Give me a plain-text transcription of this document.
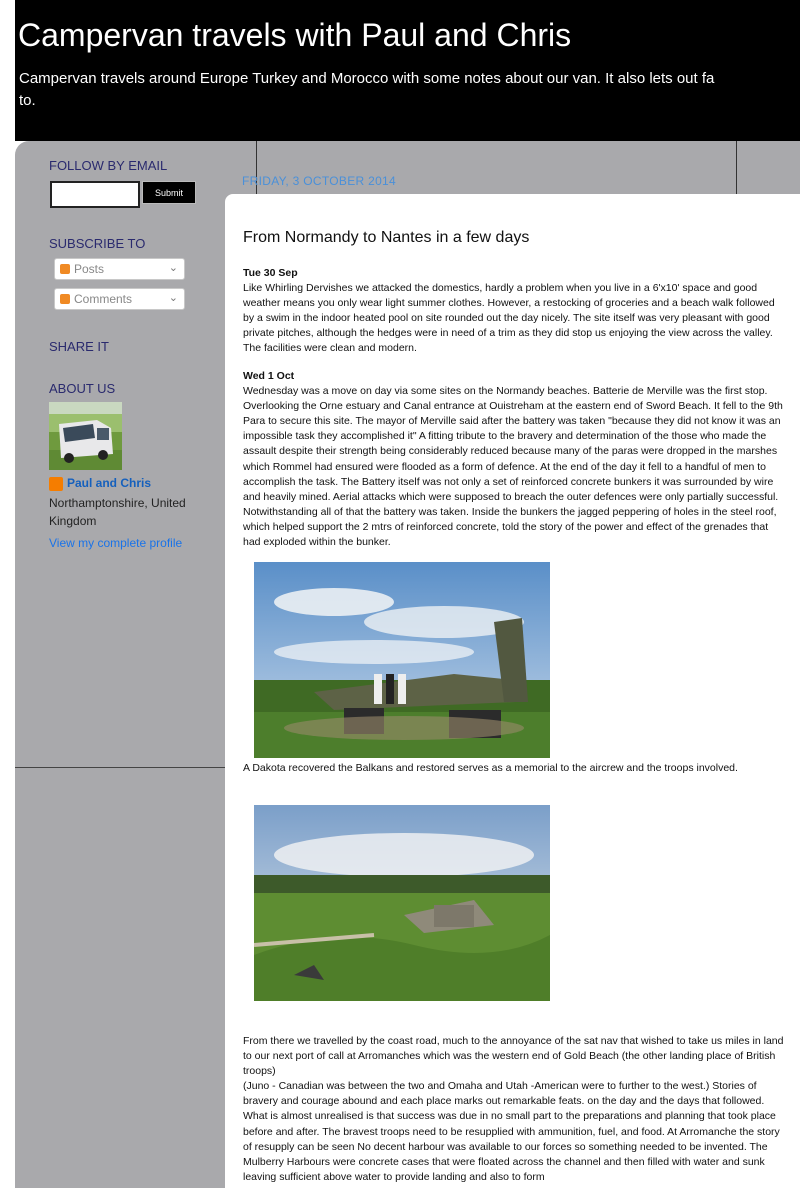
Campervan travels with Paul and Chris
Campervan travels around Europe Turkey and Morocco with some notes about our van. It also lets out fa
to.
FOLLOW BY EMAIL
Submit
SUBSCRIBE TO
Posts	⌄
Comments	⌄
SHARE IT
ABOUT US
Paul and Chris
Northamptonshire, United Kingdom
View my complete profile
FRIDAY, 3 OCTOBER 2014
From Normandy to Nantes in a few days

Tue 30 Sep

Like Whirling Dervishes we attacked the domestics, hardly a problem when you live in a 6'x10' space and good weather means you only wear light summer clothes. However, a restocking of groceries and a beach walk followed by a swim in the indoor heated pool on site rounded out the day nicely. The site itself was very pleasant with good private pitches, although the hedges were in need of a trim as they did stop us enjoying the view across the valley. The facilities were clean and modern.

Wed 1 Oct

Wednesday was a move on day via some sites on the Normandy beaches. Batterie de Merville was the first stop. Overlooking the Orne estuary and Canal entrance at Ouistreham at the eastern end of Sword Beach. It fell to the 9th Para to secure this site. The mayor of Merville said after the battery was taken "because they did not know it was an impossible task they accomplished it" A fitting tribute to the bravery and determination of the those who made the assault despite their strength being considerably reduced because many of the paras were dropped in the marshes which Rommel had ensured were flooded as a form of defence. At the end of the day it fell to a handful of men to accomplish the task. The Battery itself was not only a set of reinforced concrete bunkers it was surrounded by wire and heavily mined. Aerial attacks which were supposed to breach the outer defences were only partially successful. Notwithstanding all of that the battery was taken. Inside the bunkers the jagged peppering of holes in the steel roof, which helped support the 2 mtrs of reinforced concrete, told the story of the power and effect of the grenades that had exploded within the bunker.

A Dakota recovered the Balkans and restored serves as a memorial to the aircrew and the troops involved.

From there we travelled by the coast road, much to the annoyance of the sat nav that wished to take us miles in land to our next port of call at Arromanches which was the western end of Gold Beach (the other landing place of British troops)

(Juno - Canadian was between the two and Omaha and Utah -American were to further to the west.) Stories of bravery and courage abound and each place marks out remarkable feats. on the day and the days that followed. What is almost unrealised is that success was due in no small part to the preparations and planning that took place before and after. The bravest troops need to be resupplied with ammunition, fuel, and food. At Arromanche the story of resupply can be seen No decent harbour was available to our forces so something needed to be invented. The Mulberry Harbours were concrete cases that were floated across the channel and then filled with water and sunk leaving sufficient above water to provide landing and also to form
